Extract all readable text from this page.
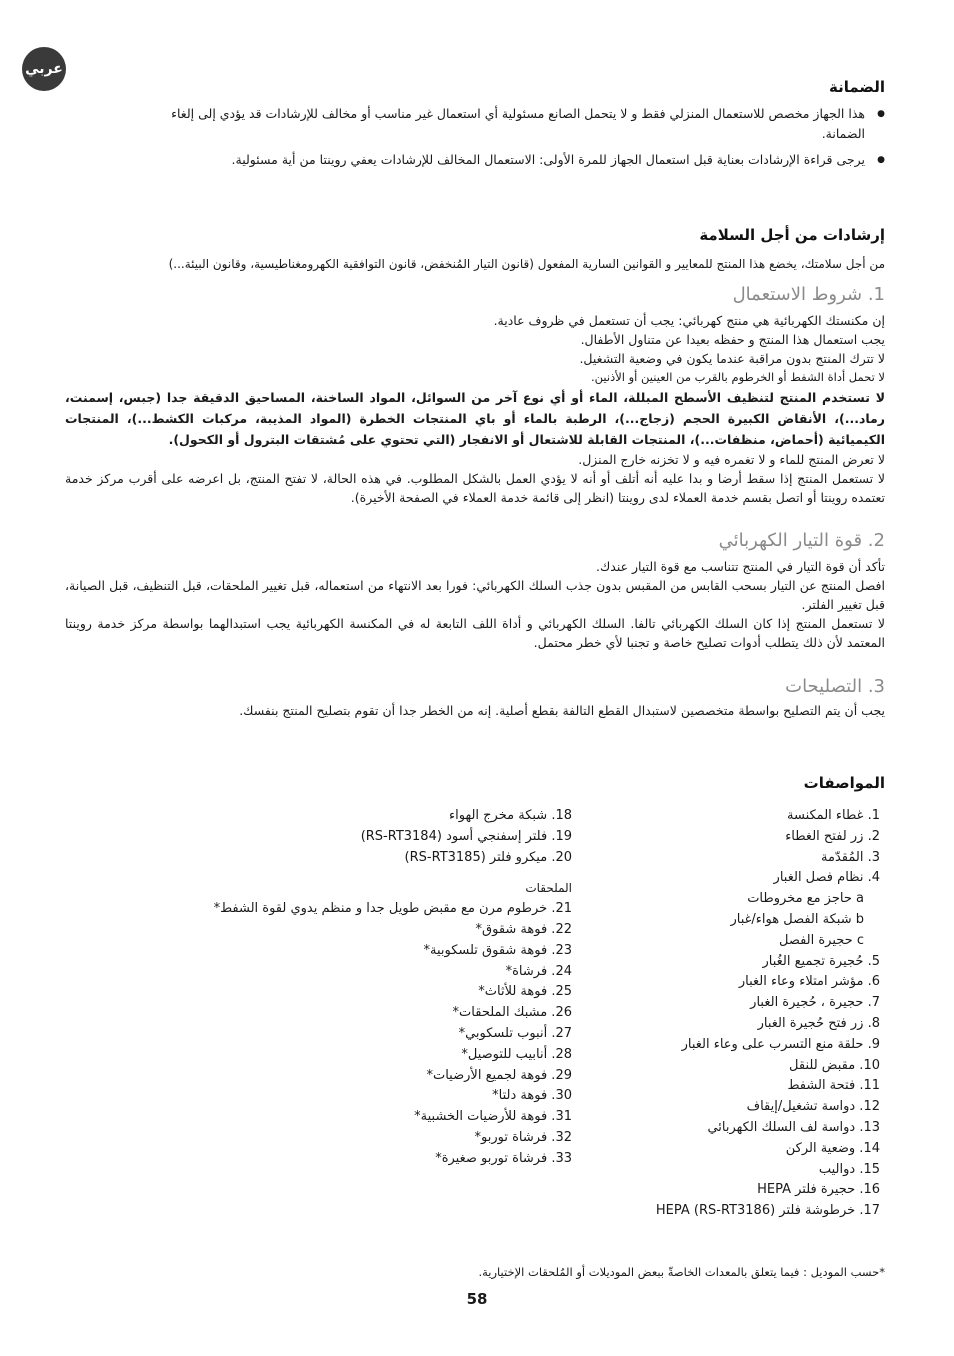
عربي
الضمانة
● هذا الجهاز مخصص للاستعمال المنزلي فقط و لا يتحمل الصانع مسئولية أي استعمال غير مناسب أو مخالف للإرشادات قد يؤدي إلى إلغاء الضمانة.
● يرجى قراءة الإرشادات بعناية قبل استعمال الجهاز للمرة الأولى: الاستعمال المخالف للإرشادات يعفي روينتا من أية مسئولية.
إرشادات من أجل السلامة
من أجل سلامتك، يخضع هذا المنتج للمعايير و القوانين السارية المفعول (قانون التيار المُنخفض، قانون التوافقية الكهرومغناطيسية، وقانون البيئة...)
1. شروط الاستعمال
إن مكنستك الكهربائية هي منتج كهربائي: يجب أن تستعمل في ظروف عادية.
يجب استعمال هذا المنتج و حفظه بعيدا عن متناول الأطفال.
لا تترك المنتج بدون مراقبة عندما يكون في وضعية التشغيل.
لا تحمل أداة الشفط أو الخرطوم بالقرب من العينين أو الأذنين.
لا تستخدم المنتج لتنظيف الأسطح المبللة، الماء أو أي نوع آخر من السوائل، المواد الساخنة، المساحيق الدقيقة جدا (جبس، إسمنت، رماد...)، الأنقاض الكبيرة الحجم (زجاج...)، الرطبة بالماء أو باي المنتجات الخطرة (المواد المذيبة، مركبات الكشط...)، المنتجات الكيميائية (أحماض، منظفات...)، المنتجات القابلة للاشتعال أو الانفجار (التي تحتوي على مُشتقات البترول أو الكحول).
لا تعرض المنتج للماء و لا تغمره فيه و لا تخزنه خارج المنزل.
لا تستعمل المنتج إذا سقط أرضا و بدا عليه أنه أتلف أو أنه لا يؤدي العمل بالشكل المطلوب. في هذه الحالة، لا تفتح المنتج، بل اعرضه على أقرب مركز خدمة تعتمده روينتا أو اتصل بقسم خدمة العملاء لدى روينتا (انظر إلى قائمة خدمة العملاء في الصفحة الأخيرة).
2. قوة التيار الكهربائي
تأكد أن قوة التيار في المنتج تتناسب مع قوة التيار عندك.
افصل المنتج عن التيار بسحب القابس من المقبس بدون جذب السلك الكهربائي: فورا بعد الانتهاء من استعماله، قبل تغيير الملحقات، قبل التنظيف، قبل الصيانة، قبل تغيير الفلتر.
لا تستعمل المنتج إذا كان السلك الكهربائي تالفا. السلك الكهربائي و أداة اللف التابعة له في المكنسة الكهربائية يجب استبدالهما بواسطة مركز خدمة روينتا المعتمد لأن ذلك يتطلب أدوات تصليح خاصة و تجنبا لأي خطر محتمل.
3. التصليحات
يجب أن يتم التصليح بواسطة متخصصين لاستبدال القطع التالفة بقطع أصلية. إنه من الخطر جدا أن تقوم بتصليح المنتج بنفسك.
المواصفات
1. غطاء المكنسة
2. زر لفتح الغطاء
3. المُقدّمة
4. نظام فصل الغبار
a حاجز مع مخروطات
b شبكة الفصل هواء/غبار
c حجيرة الفصل
5. حُجيرة تجميع الغُبار
6. مؤشر امتلاء وعاء الغبار
7. حجيرة ، حُجيرة الغبار
8. زر فتح حُجيرة الغبار
9. حلقة منع التسرب على وعاء الغبار
10. مقبض للنقل
11. فتحة الشفط
12. دواسة تشغيل/إيقاف
13. دواسة لف السلك الكهربائي
14. وضعية الركن
15. دواليب
16. حجيرة فلتر HEPA
17. خرطوشة فلتر HEPA (RS-RT3186)
18. شبكة مخرج الهواء
19. فلتر إسفنجي أسود (RS-RT3184)
20. ميكرو فلتر (RS-RT3185)
الملحقات
21. خرطوم مرن مع مقبض طويل جدا و منظم يدوي لقوة الشفط*
22. فوهة شقوق*
23. فوهة شقوق تلسكوبية*
24. فرشاة*
25. فوهة للأثاث*
26. مشبك الملحقات*
27. أنبوب تلسكوبي*
28. أنابيب للتوصيل*
29. فوهة لجميع الأرضيات*
30. فوهة دلتا*
31. فوهة للأرضيات الخشبية*
32. فرشاة توربو*
33. فرشاة توربو صغيرة*
*حسب الموديل : فيما يتعلق بالمعدات الخاصةّ ببعض الموديلات أو المُلحقات الإختيارية.
58
